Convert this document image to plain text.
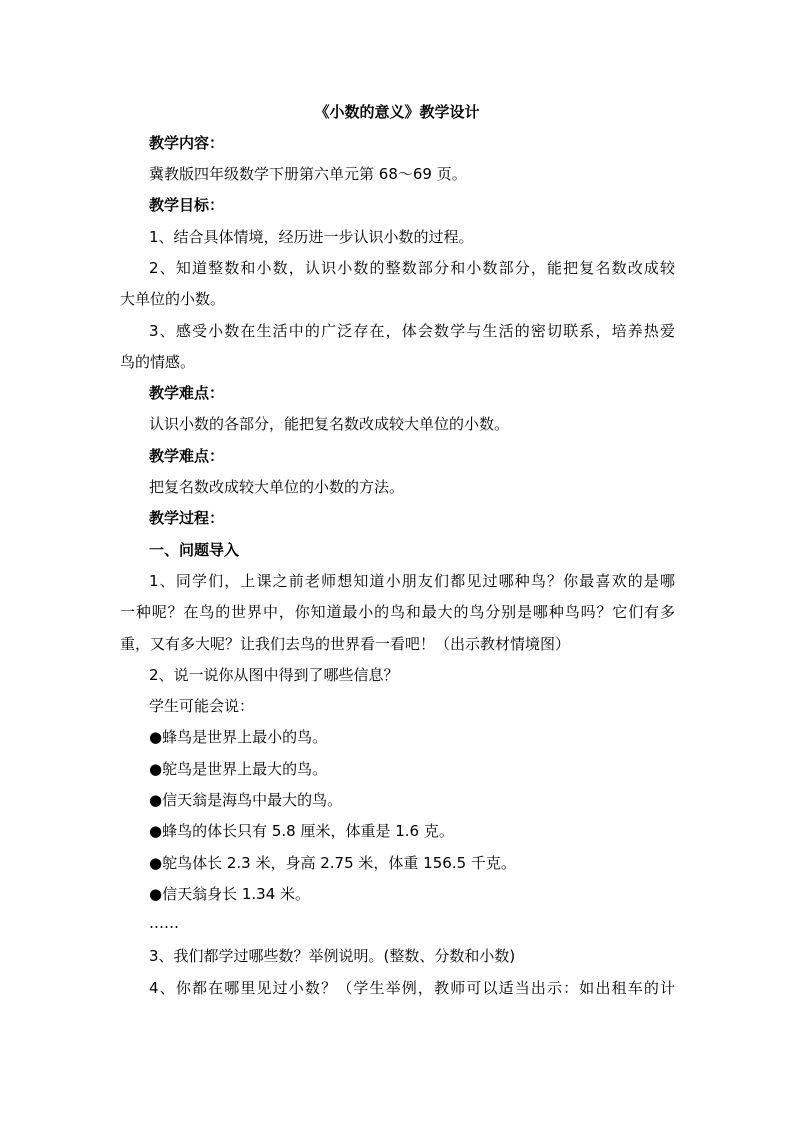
《小数的意义》教学设计
教学内容：
冀教版四年级数学下册第六单元第 68～69 页。
教学目标：
1、结合具体情境，经历进一步认识小数的过程。
2、知道整数和小数，认识小数的整数部分和小数部分，能把复名数改成较
大单位的小数。
3、感受小数在生活中的广泛存在，体会数学与生活的密切联系，培养热爱
鸟的情感。
教学难点：
认识小数的各部分，能把复名数改成较大单位的小数。
教学难点：
把复名数改成较大单位的小数的方法。
教学过程：
一、问题导入
1、同学们，上课之前老师想知道小朋友们都见过哪种鸟？你最喜欢的是哪
一种呢？在鸟的世界中，你知道最小的鸟和最大的鸟分别是哪种鸟吗？它们有多
重，又有多大呢？让我们去鸟的世界看一看吧！（出示教材情境图）
2、说一说你从图中得到了哪些信息？
学生可能会说：
●蜂鸟是世界上最小的鸟。
●鸵鸟是世界上最大的鸟。
●信天翁是海鸟中最大的鸟。
●蜂鸟的体长只有 5.8 厘米，体重是 1.6 克。
●鸵鸟体长 2.3 米，身高 2.75 米，体重 156.5 千克。
●信天翁身长 1.34 米。
……
3、我们都学过哪些数？举例说明。(整数、分数和小数)
4、你都在哪里见过小数？（学生举例，教师可以适当出示：如出租车的计
